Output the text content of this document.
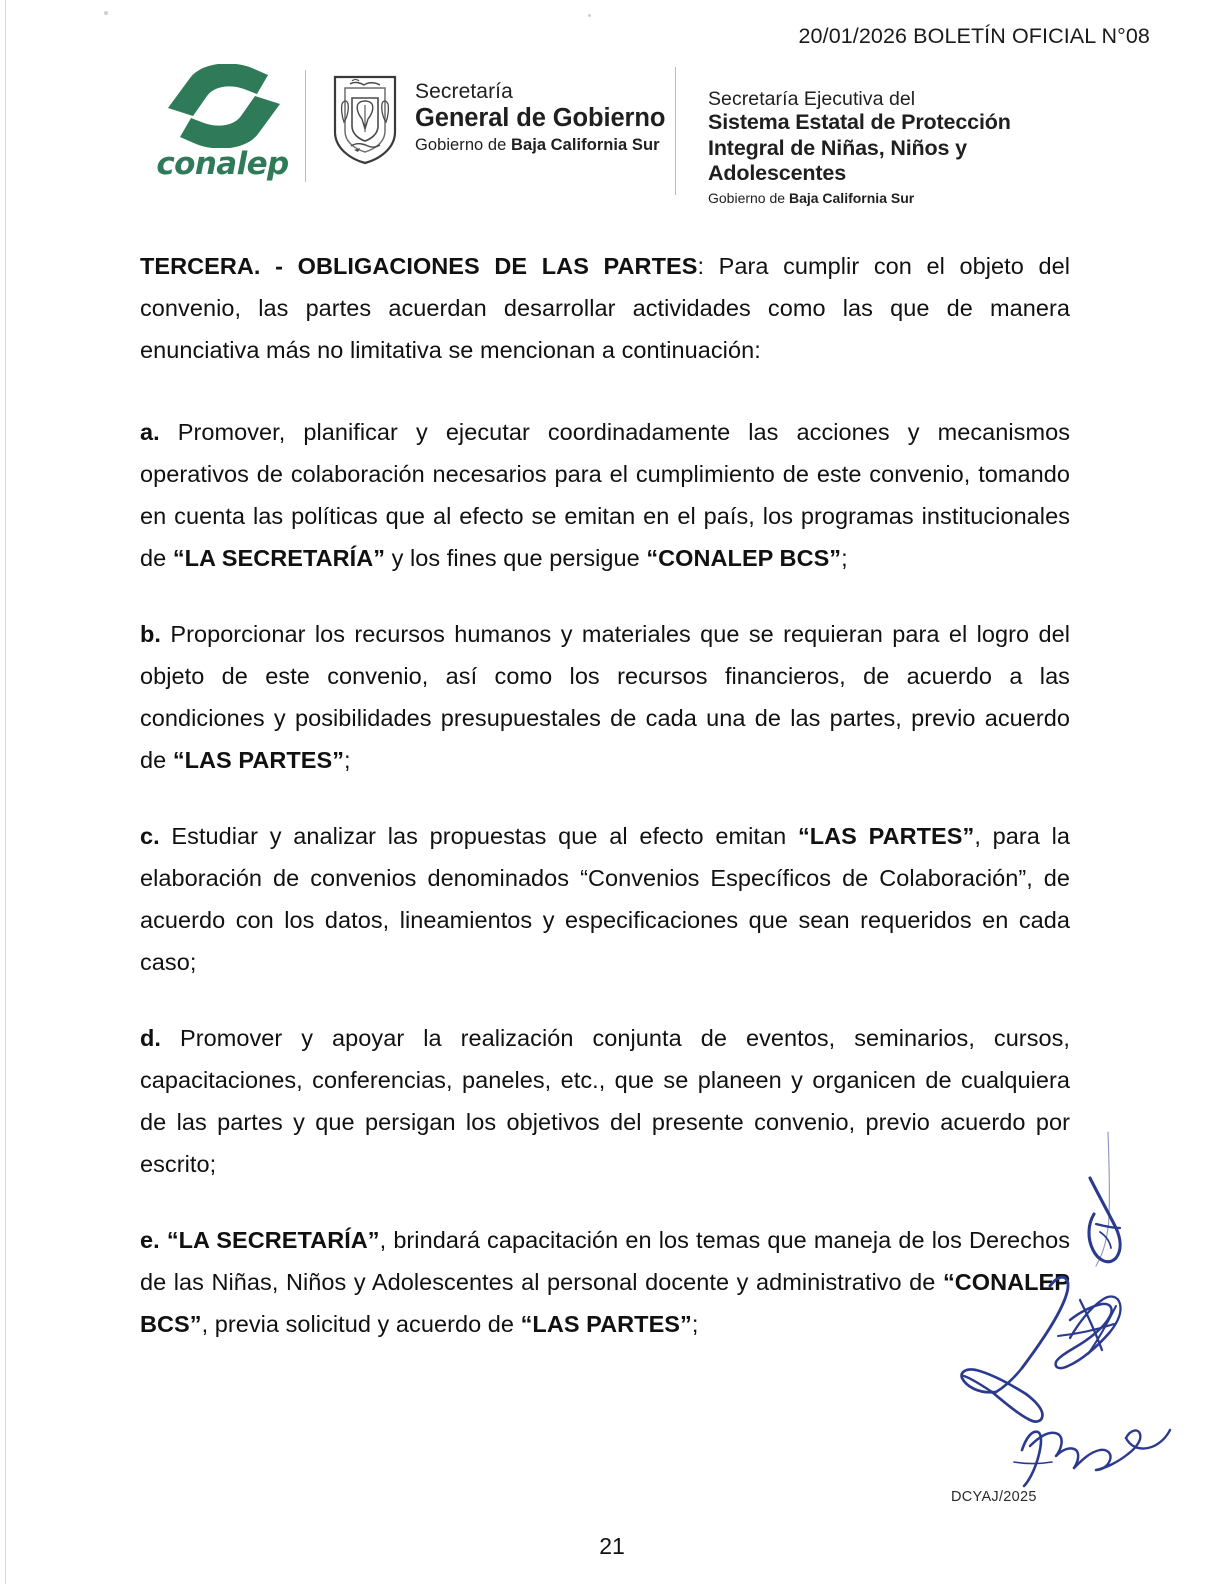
20/01/2026 BOLETÍN OFICIAL N°08
conalep
Secretaría
General de Gobierno
Gobierno de Baja California Sur
Secretaría Ejecutiva del
Sistema Estatal de Protección
Integral de Niñas, Niños y
Adolescentes
Gobierno de Baja California Sur

TERCERA. - OBLIGACIONES DE LAS PARTES: Para cumplir con el objeto del convenio, las partes acuerdan desarrollar actividades como las que de manera enunciativa más no limitativa se mencionan a continuación:

a. Promover, planificar y ejecutar coordinadamente las acciones y mecanismos operativos de colaboración necesarios para el cumplimiento de este convenio, tomando en cuenta las políticas que al efecto se emitan en el país, los programas institucionales de “LA SECRETARÍA” y los fines que persigue “CONALEP BCS”;

b. Proporcionar los recursos humanos y materiales que se requieran para el logro del objeto de este convenio, así como los recursos financieros, de acuerdo a las condiciones y posibilidades presupuestales de cada una de las partes, previo acuerdo de “LAS PARTES”;

c. Estudiar y analizar las propuestas que al efecto emitan “LAS PARTES”, para la elaboración de convenios denominados “Convenios Específicos de Colaboración”, de acuerdo con los datos, lineamientos y especificaciones que sean requeridos en cada caso;

d. Promover y apoyar la realización conjunta de eventos, seminarios, cursos, capacitaciones, conferencias, paneles, etc., que se planeen y organicen de cualquiera de las partes y que persigan los objetivos del presente convenio, previo acuerdo por escrito;

e. “LA SECRETARÍA”, brindará capacitación en los temas que maneja de los Derechos de las Niñas, Niños y Adolescentes al personal docente y administrativo de “CONALEP BCS”, previa solicitud y acuerdo de “LAS PARTES”;

DCYAJ/2025
21
